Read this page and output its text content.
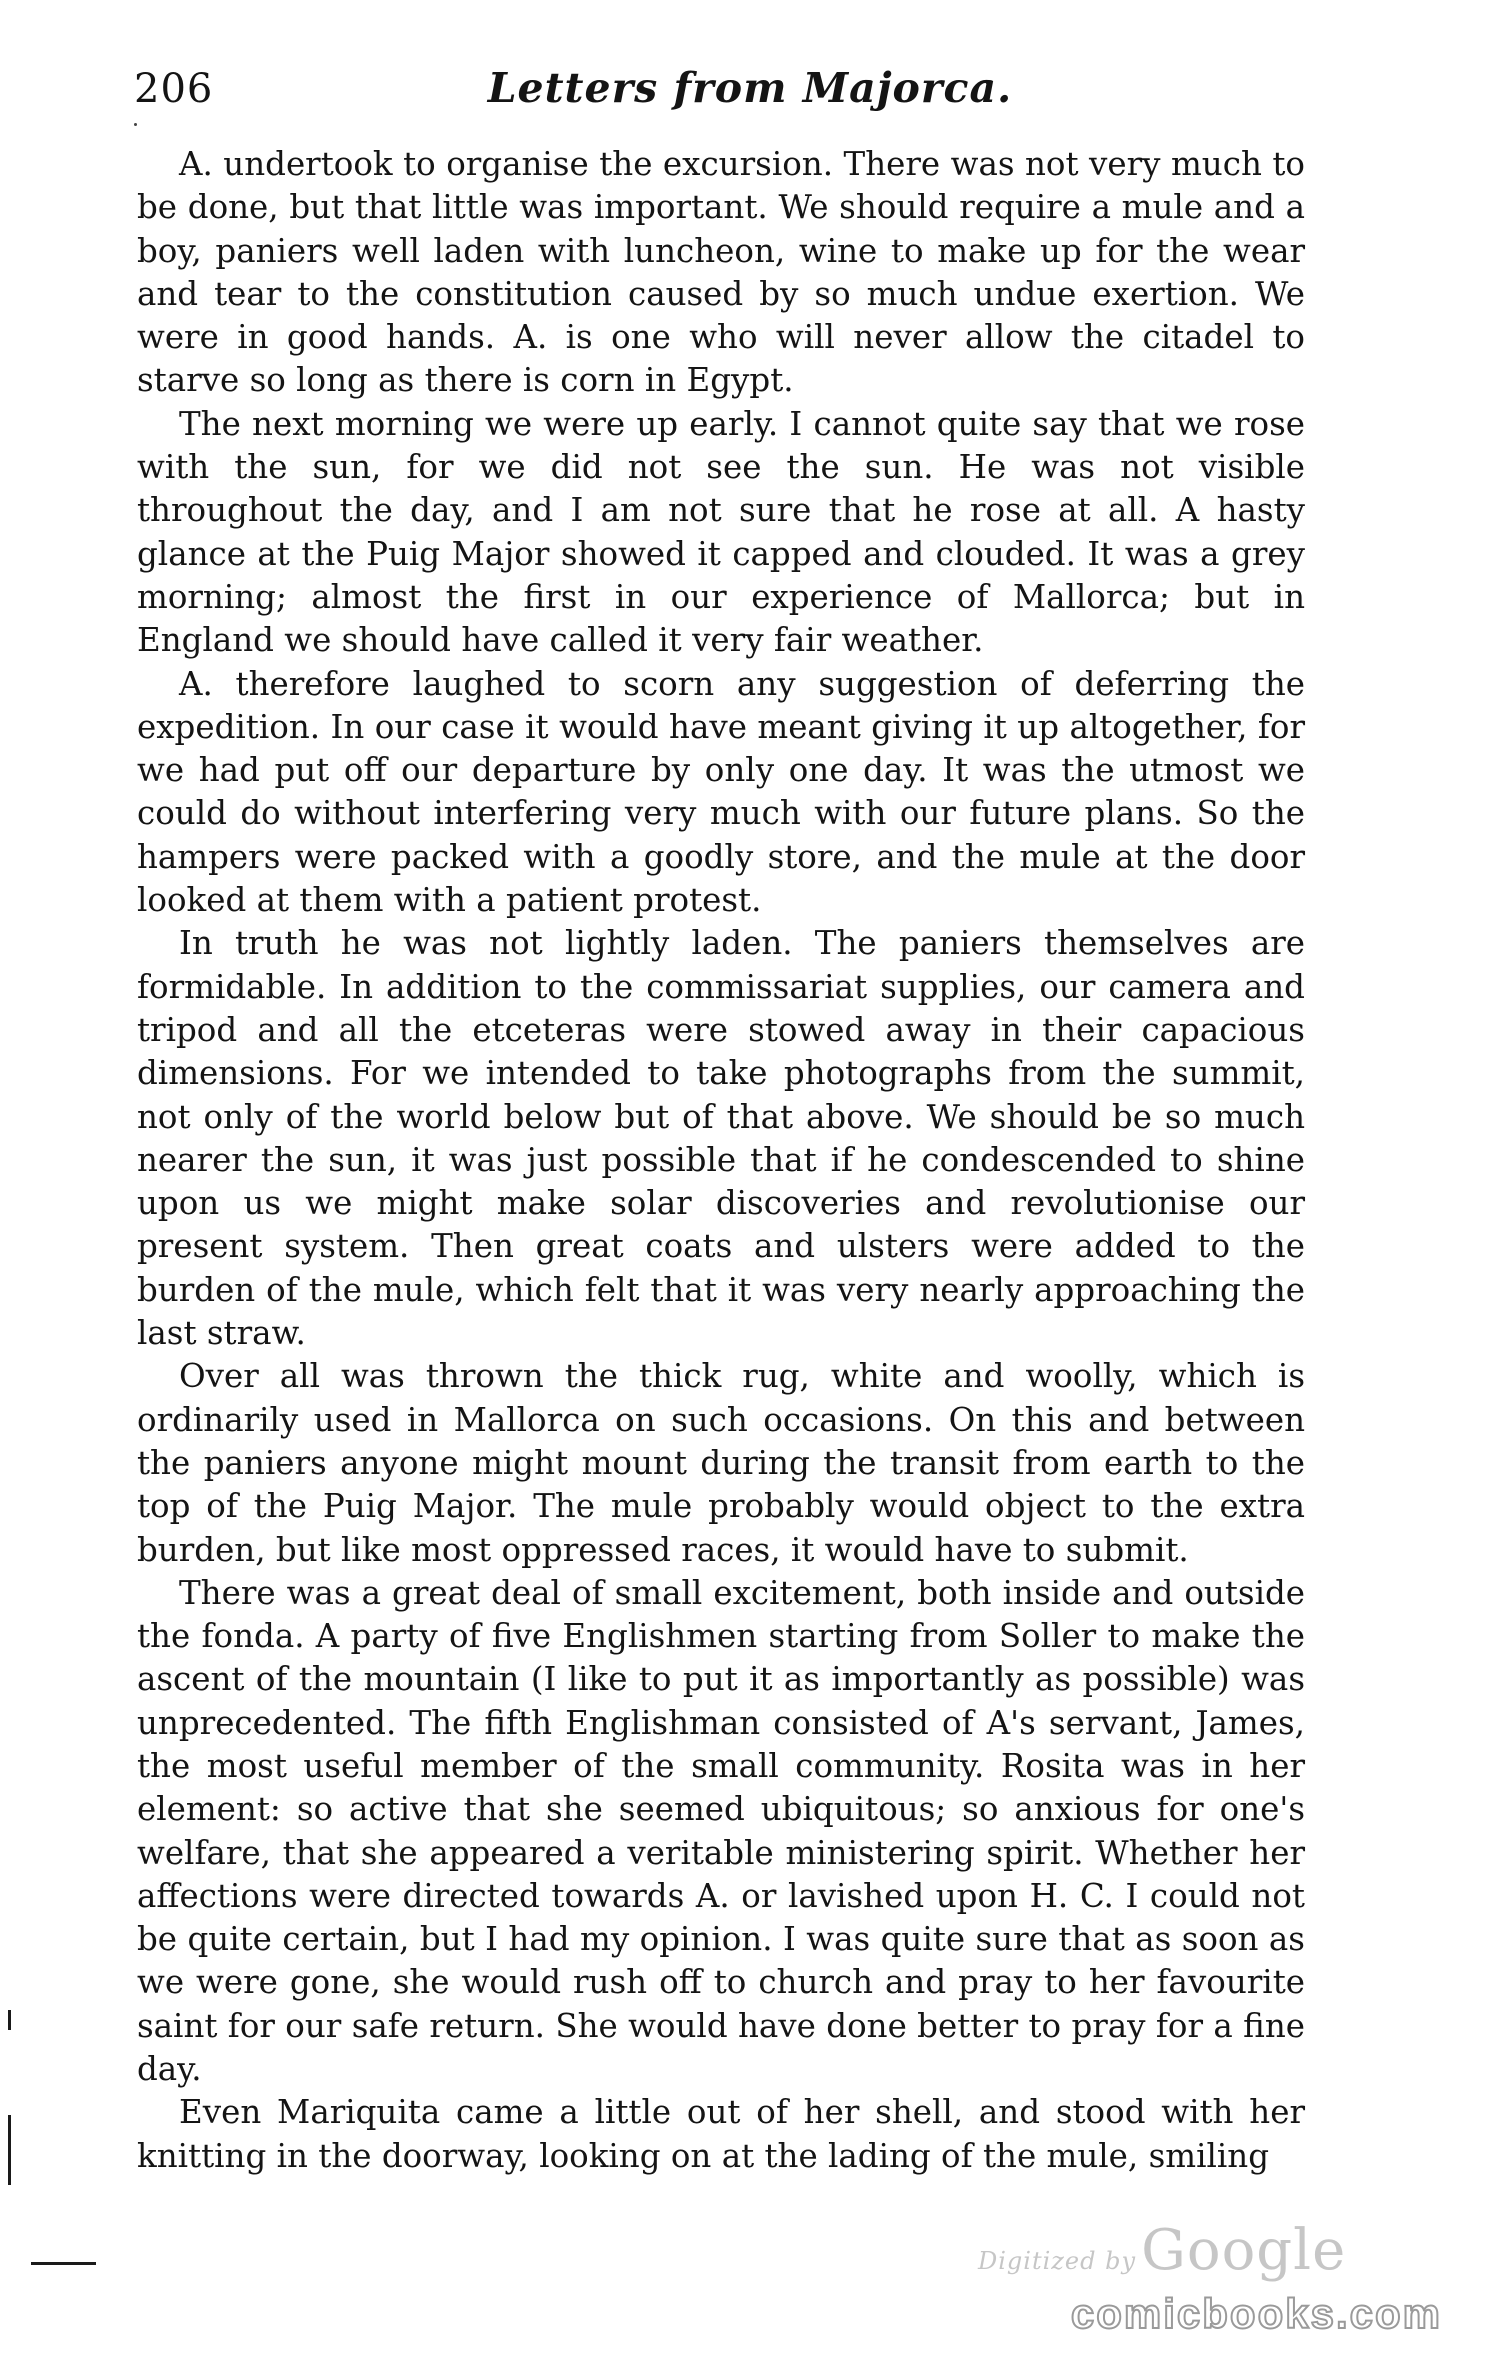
206	Letters from Majorca.

A. undertook to organise the excursion. There was not very much to be done, but that little was important. We should require a mule and a boy, paniers well laden with luncheon, wine to make up for the wear and tear to the constitution caused by so much undue exertion. We were in good hands. A. is one who will never allow the citadel to starve so long as there is corn in Egypt.

The next morning we were up early. I cannot quite say that we rose with the sun, for we did not see the sun. He was not visible throughout the day, and I am not sure that he rose at all. A hasty glance at the Puig Major showed it capped and clouded. It was a grey morning; almost the first in our experience of Mallorca; but in England we should have called it very fair weather.

A. therefore laughed to scorn any suggestion of deferring the expedition. In our case it would have meant giving it up altogether, for we had put off our departure by only one day. It was the utmost we could do without interfering very much with our future plans. So the hampers were packed with a goodly store, and the mule at the door looked at them with a patient protest.

In truth he was not lightly laden. The paniers themselves are formidable. In addition to the commissariat supplies, our camera and tripod and all the etceteras were stowed away in their capacious dimensions. For we intended to take photographs from the summit, not only of the world below but of that above. We should be so much nearer the sun, it was just possible that if he condescended to shine upon us we might make solar discoveries and revolutionise our present system. Then great coats and ulsters were added to the burden of the mule, which felt that it was very nearly approaching the last straw.

Over all was thrown the thick rug, white and woolly, which is ordinarily used in Mallorca on such occasions. On this and between the paniers anyone might mount during the transit from earth to the top of the Puig Major. The mule probably would object to the extra burden, but like most oppressed races, it would have to submit.

There was a great deal of small excitement, both inside and outside the fonda. A party of five Englishmen starting from Soller to make the ascent of the mountain (I like to put it as importantly as possible) was unprecedented. The fifth Englishman consisted of A's servant, James, the most useful member of the small community. Rosita was in her element: so active that she seemed ubiquitous; so anxious for one's welfare, that she appeared a veritable ministering spirit. Whether her affections were directed towards A. or lavished upon H. C. I could not be quite certain, but I had my opinion. I was quite sure that as soon as we were gone, she would rush off to church and pray to her favourite saint for our safe return. She would have done better to pray for a fine day.

Even Mariquita came a little out of her shell, and stood with her knitting in the doorway, looking on at the lading of the mule, smiling

Digitized by Google
comicbooks.com
